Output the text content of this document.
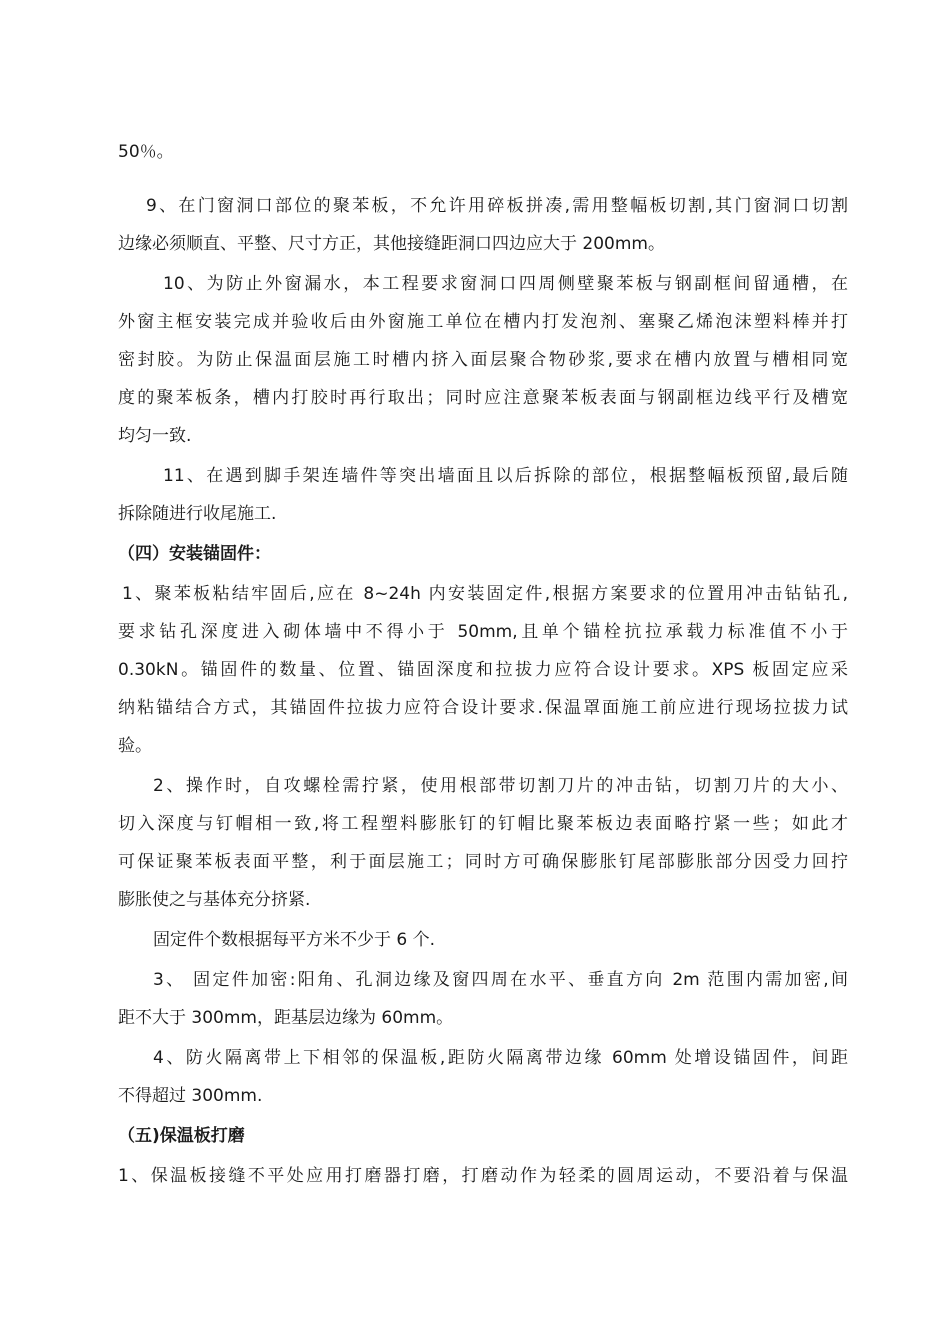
50％。
9、在门窗洞口部位的聚苯板，不允许用碎板拼凑,需用整幅板切割,其门窗洞口切割
边缘必须顺直、平整、尺寸方正，其他接缝距洞口四边应大于 200mm。
10、为防止外窗漏水，本工程要求窗洞口四周侧壁聚苯板与钢副框间留通槽，在
外窗主框安装完成并验收后由外窗施工单位在槽内打发泡剂、塞聚乙烯泡沫塑料棒并打
密封胶。为防止保温面层施工时槽内挤入面层聚合物砂浆,要求在槽内放置与槽相同宽
度的聚苯板条，槽内打胶时再行取出；同时应注意聚苯板表面与钢副框边线平行及槽宽
均匀一致.
11、在遇到脚手架连墙件等突出墙面且以后拆除的部位，根据整幅板预留,最后随
拆除随进行收尾施工.
（四）安装锚固件：
1、聚苯板粘结牢固后,应在 8~24h 内安装固定件,根据方案要求的位置用冲击钻钻孔,
要求钻孔深度进入砌体墙中不得小于 50mm,且单个锚栓抗拉承载力标准值不小于
0.30kN。锚固件的数量、位置、锚固深度和拉拔力应符合设计要求。XPS 板固定应采
纳粘锚结合方式，其锚固件拉拔力应符合设计要求.保温罩面施工前应进行现场拉拔力试
验。
2、操作时，自攻螺栓需拧紧，使用根部带切割刀片的冲击钻，切割刀片的大小、
切入深度与钉帽相一致,将工程塑料膨胀钉的钉帽比聚苯板边表面略拧紧一些；如此才
可保证聚苯板表面平整，利于面层施工；同时方可确保膨胀钉尾部膨胀部分因受力回拧
膨胀使之与基体充分挤紧.
固定件个数根据每平方米不少于 6 个.
3、 固定件加密:阳角、孔洞边缘及窗四周在水平、垂直方向 2m 范围内需加密,间
距不大于 300mm，距基层边缘为 60mm。
4、防火隔离带上下相邻的保温板,距防火隔离带边缘 60mm 处增设锚固件，间距
不得超过 300mm.
（五)保温板打磨
1、保温板接缝不平处应用打磨器打磨，打磨动作为轻柔的圆周运动，不要沿着与保温
